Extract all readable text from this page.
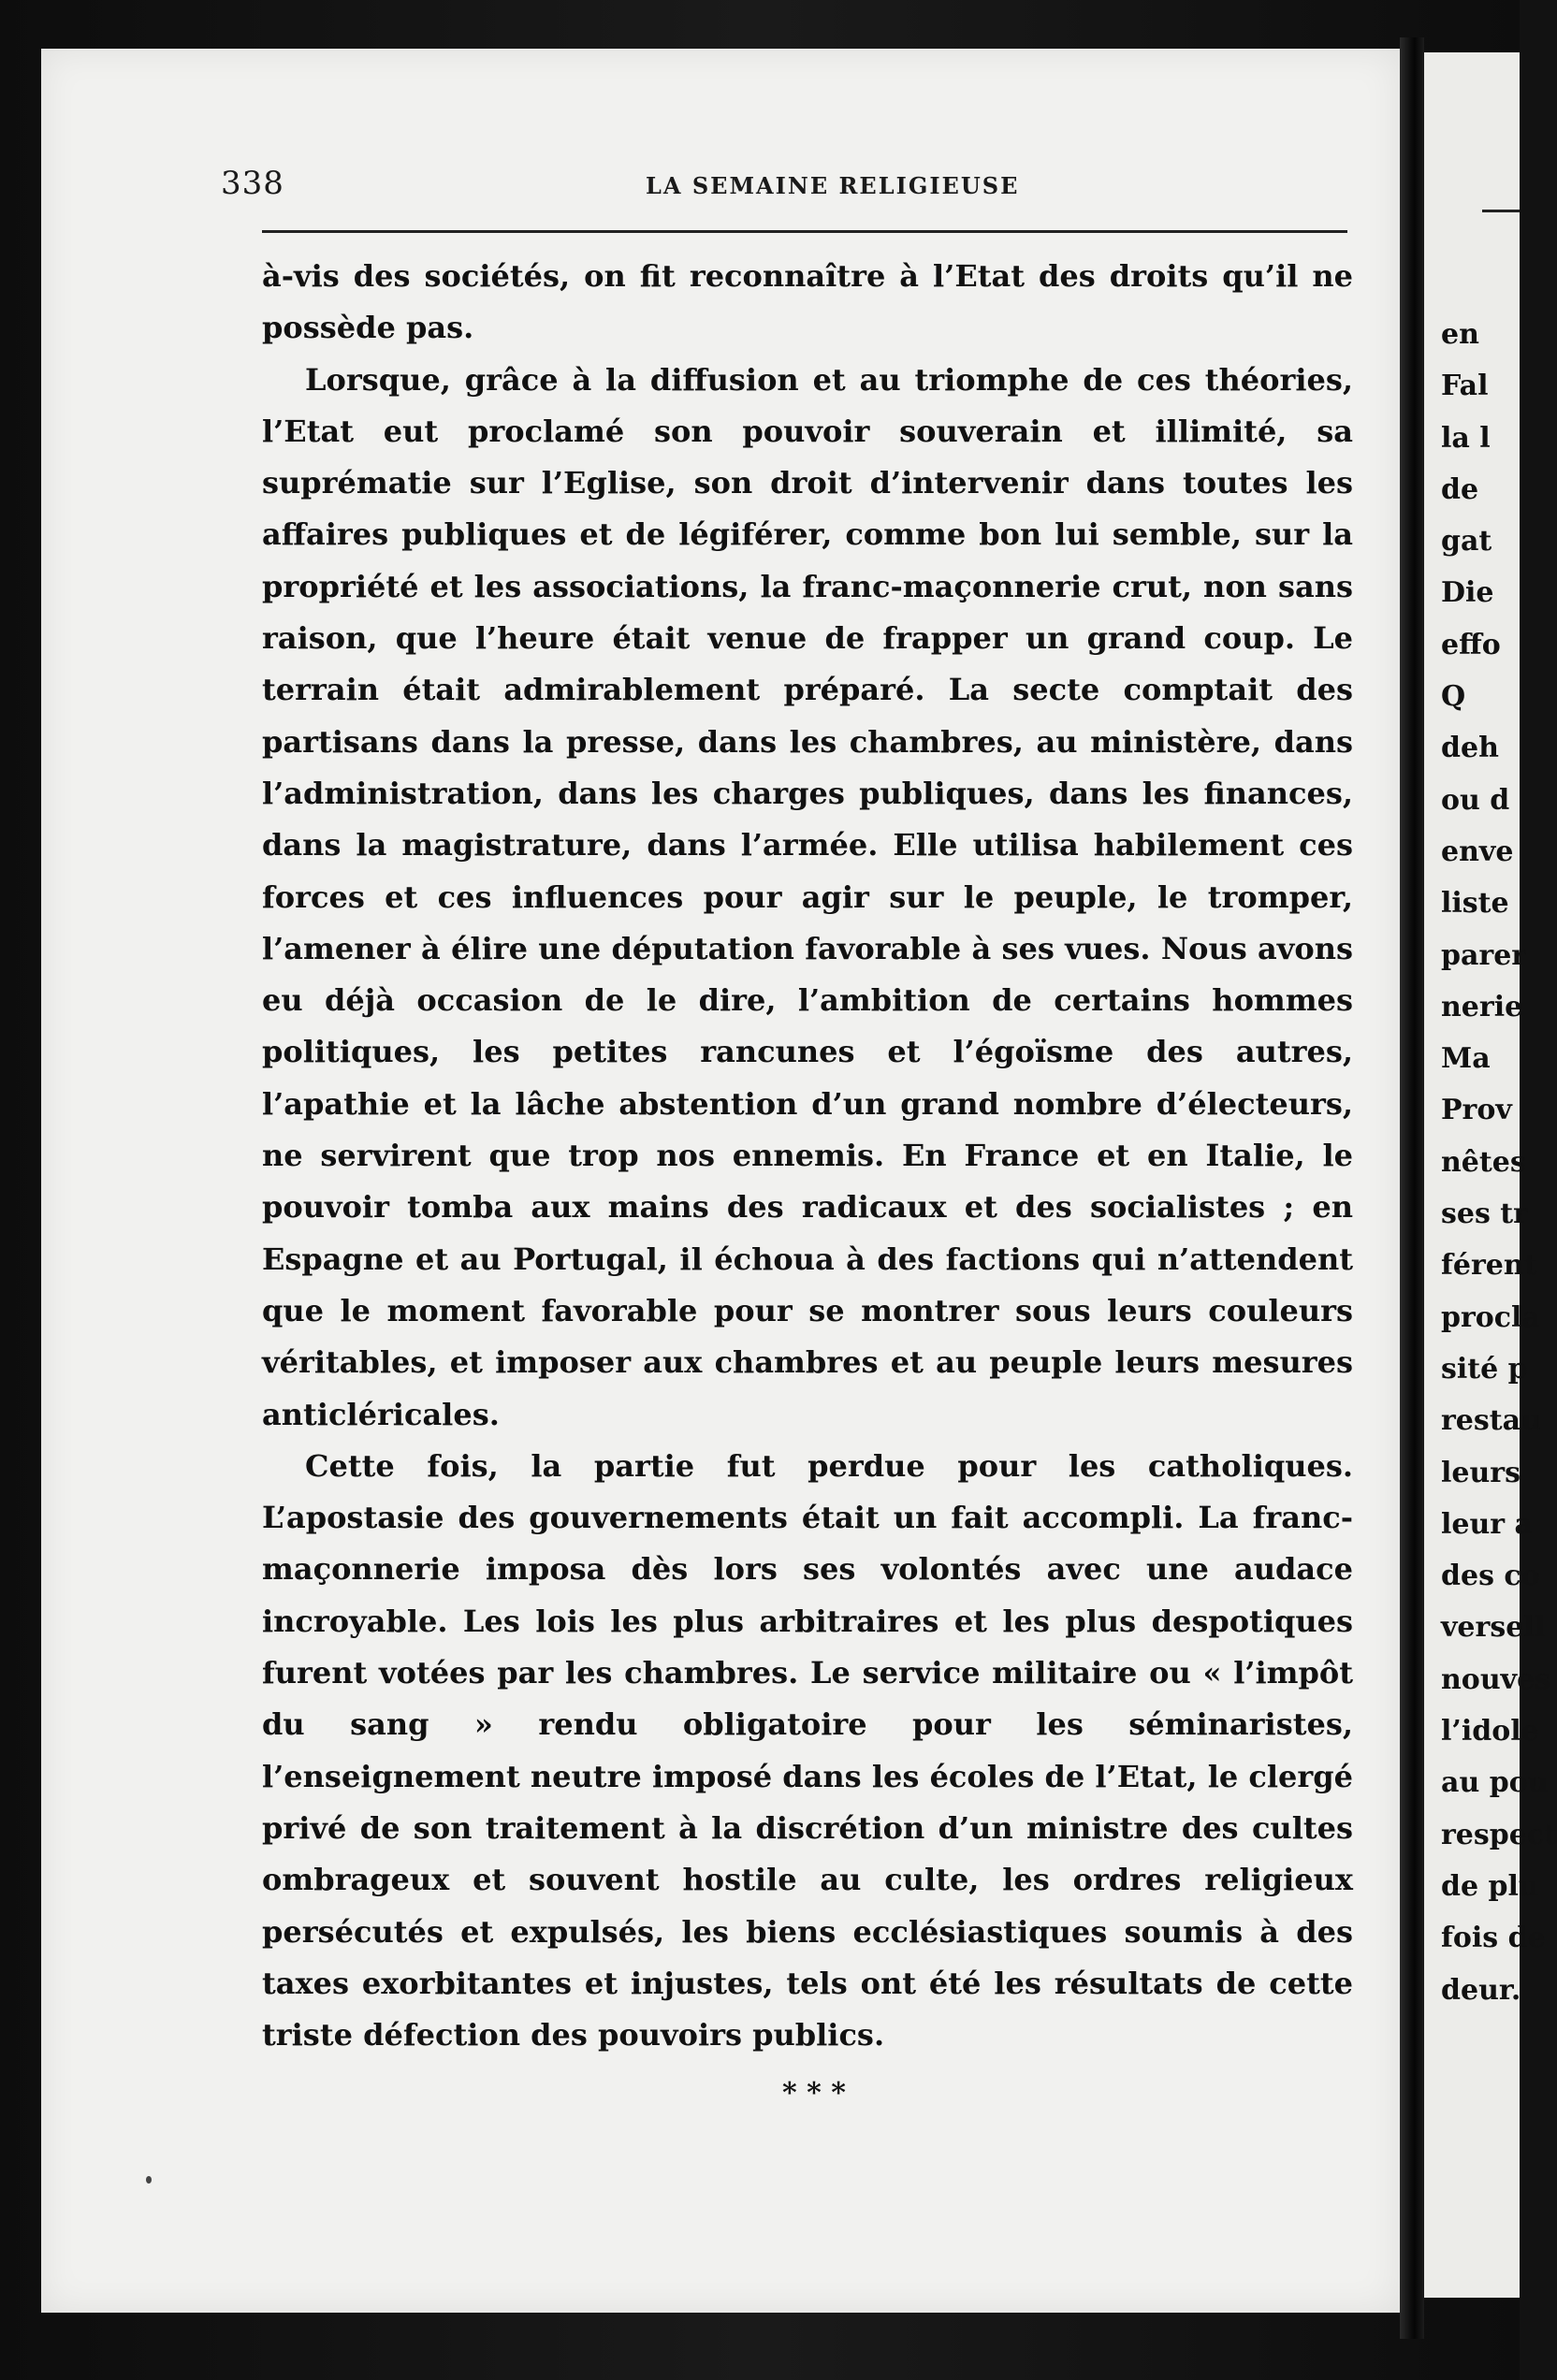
338	LA SEMAINE RELIGIEUSE

à-vis des sociétés, on fit reconnaître à l’Etat des droits qu’il ne possède pas.

Lorsque, grâce à la diffusion et au triomphe de ces théories, l’Etat eut proclamé son pouvoir souverain et illimité, sa suprématie sur l’Eglise, son droit d’intervenir dans toutes les affaires publiques et de légiférer, comme bon lui semble, sur la propriété et les associations, la franc-maçonnerie crut, non sans raison, que l’heure était venue de frapper un grand coup. Le terrain était admirablement préparé. La secte comptait des partisans dans la presse, dans les chambres, au ministère, dans l’administration, dans les charges publiques, dans les finances, dans la magistrature, dans l’armée. Elle utilisa habilement ces forces et ces influences pour agir sur le peuple, le tromper, l’amener à élire une députation favorable à ses vues. Nous avons eu déjà occasion de le dire, l’ambition de certains hommes politiques, les petites rancunes et l’égoïsme des autres, l’apathie et la lâche abstention d’un grand nombre d’électeurs, ne servirent que trop nos ennemis. En France et en Italie, le pouvoir tomba aux mains des radicaux et des socialistes ; en Espagne et au Portugal, il échoua à des factions qui n’attendent que le moment favorable pour se montrer sous leurs couleurs véritables, et imposer aux chambres et au peuple leurs mesures anticléricales.

Cette fois, la partie fut perdue pour les catholiques. L’apostasie des gouvernements était un fait accompli. La franc-maçonnerie imposa dès lors ses volontés avec une audace incroyable. Les lois les plus arbitraires et les plus despotiques furent votées par les chambres. Le service militaire ou « l’impôt du sang » rendu obligatoire pour les séminaristes, l’enseignement neutre imposé dans les écoles de l’Etat, le clergé privé de son traitement à la discrétion d’un ministre des cultes ombrageux et souvent hostile au culte, les ordres religieux persécutés et expulsés, les biens ecclésiastiques soumis à des taxes exorbitantes et injustes, tels ont été les résultats de cette triste défection des pouvoirs publics.

* * *
en
Fal
la l
de
gat
Die
effo
Q
deh
ou d
enve
liste
parer
nerie
Ma
Prov
nêtes
ses tr
férent
procla
sité p
restau
leurs
leur a
des co
versell
nouves
l’idole
au pou
respect
de plu
fois de
deur.
